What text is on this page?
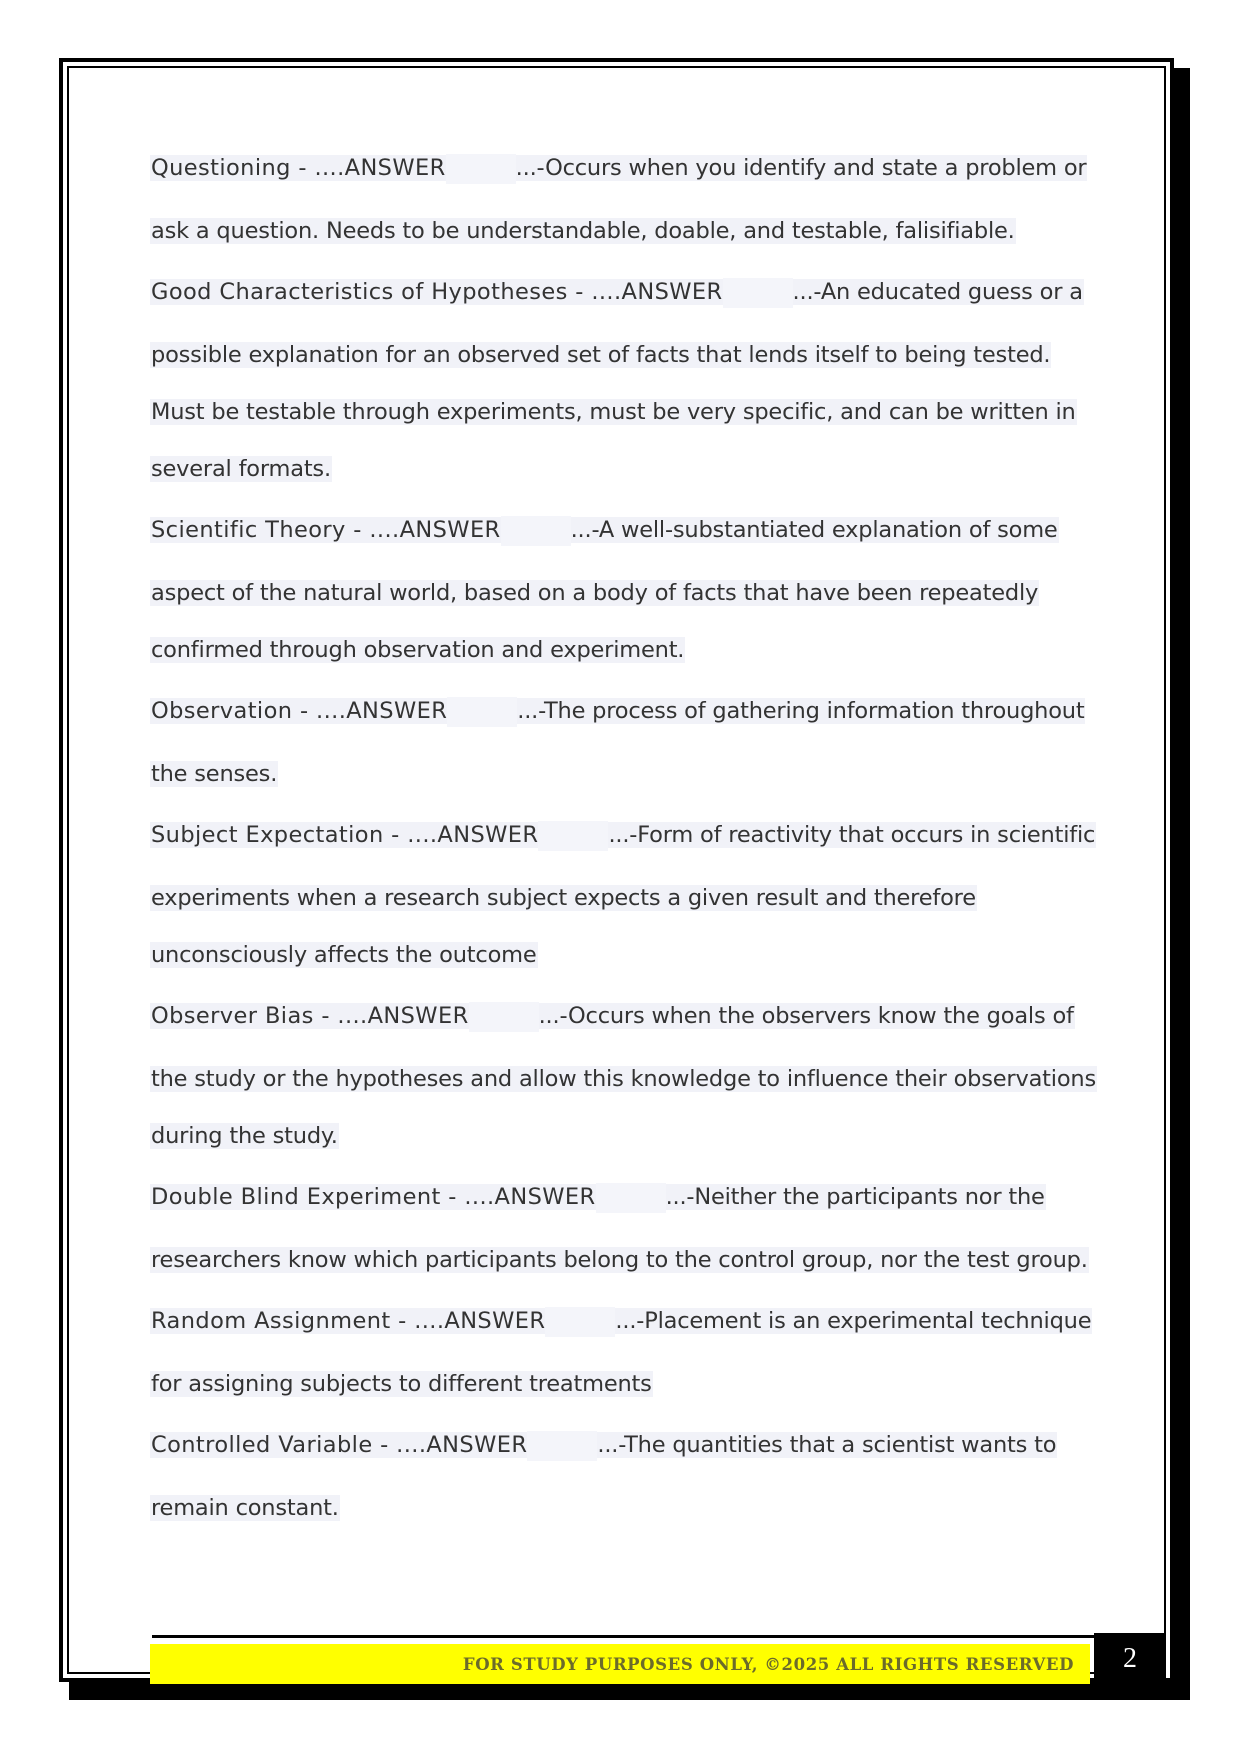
Questioning - ....ANSWER	...-Occurs when you identify and state a problem or
ask a question. Needs to be understandable, doable, and testable, falisifiable.
Good Characteristics of Hypotheses - ....ANSWER	...-An educated guess or a
possible explanation for an observed set of facts that lends itself to being tested.
Must be testable through experiments, must be very specific, and can be written in
several formats.
Scientific Theory - ....ANSWER	...-A well-substantiated explanation of some
aspect of the natural world, based on a body of facts that have been repeatedly
confirmed through observation and experiment.
Observation - ....ANSWER	...-The process of gathering information throughout
the senses.
Subject Expectation - ....ANSWER	...-Form of reactivity that occurs in scientific
experiments when a research subject expects a given result and therefore
unconsciously affects the outcome
Observer Bias - ....ANSWER	...-Occurs when the observers know the goals of
the study or the hypotheses and allow this knowledge to influence their observations
during the study.
Double Blind Experiment - ....ANSWER	...-Neither the participants nor the
researchers know which participants belong to the control group, nor the test group.
Random Assignment - ....ANSWER	...-Placement is an experimental technique
for assigning subjects to different treatments
Controlled Variable - ....ANSWER	...-The quantities that a scientist wants to
remain constant.
FOR STUDY PURPOSES ONLY, ©2025 ALL RIGHTS RESERVED 2
